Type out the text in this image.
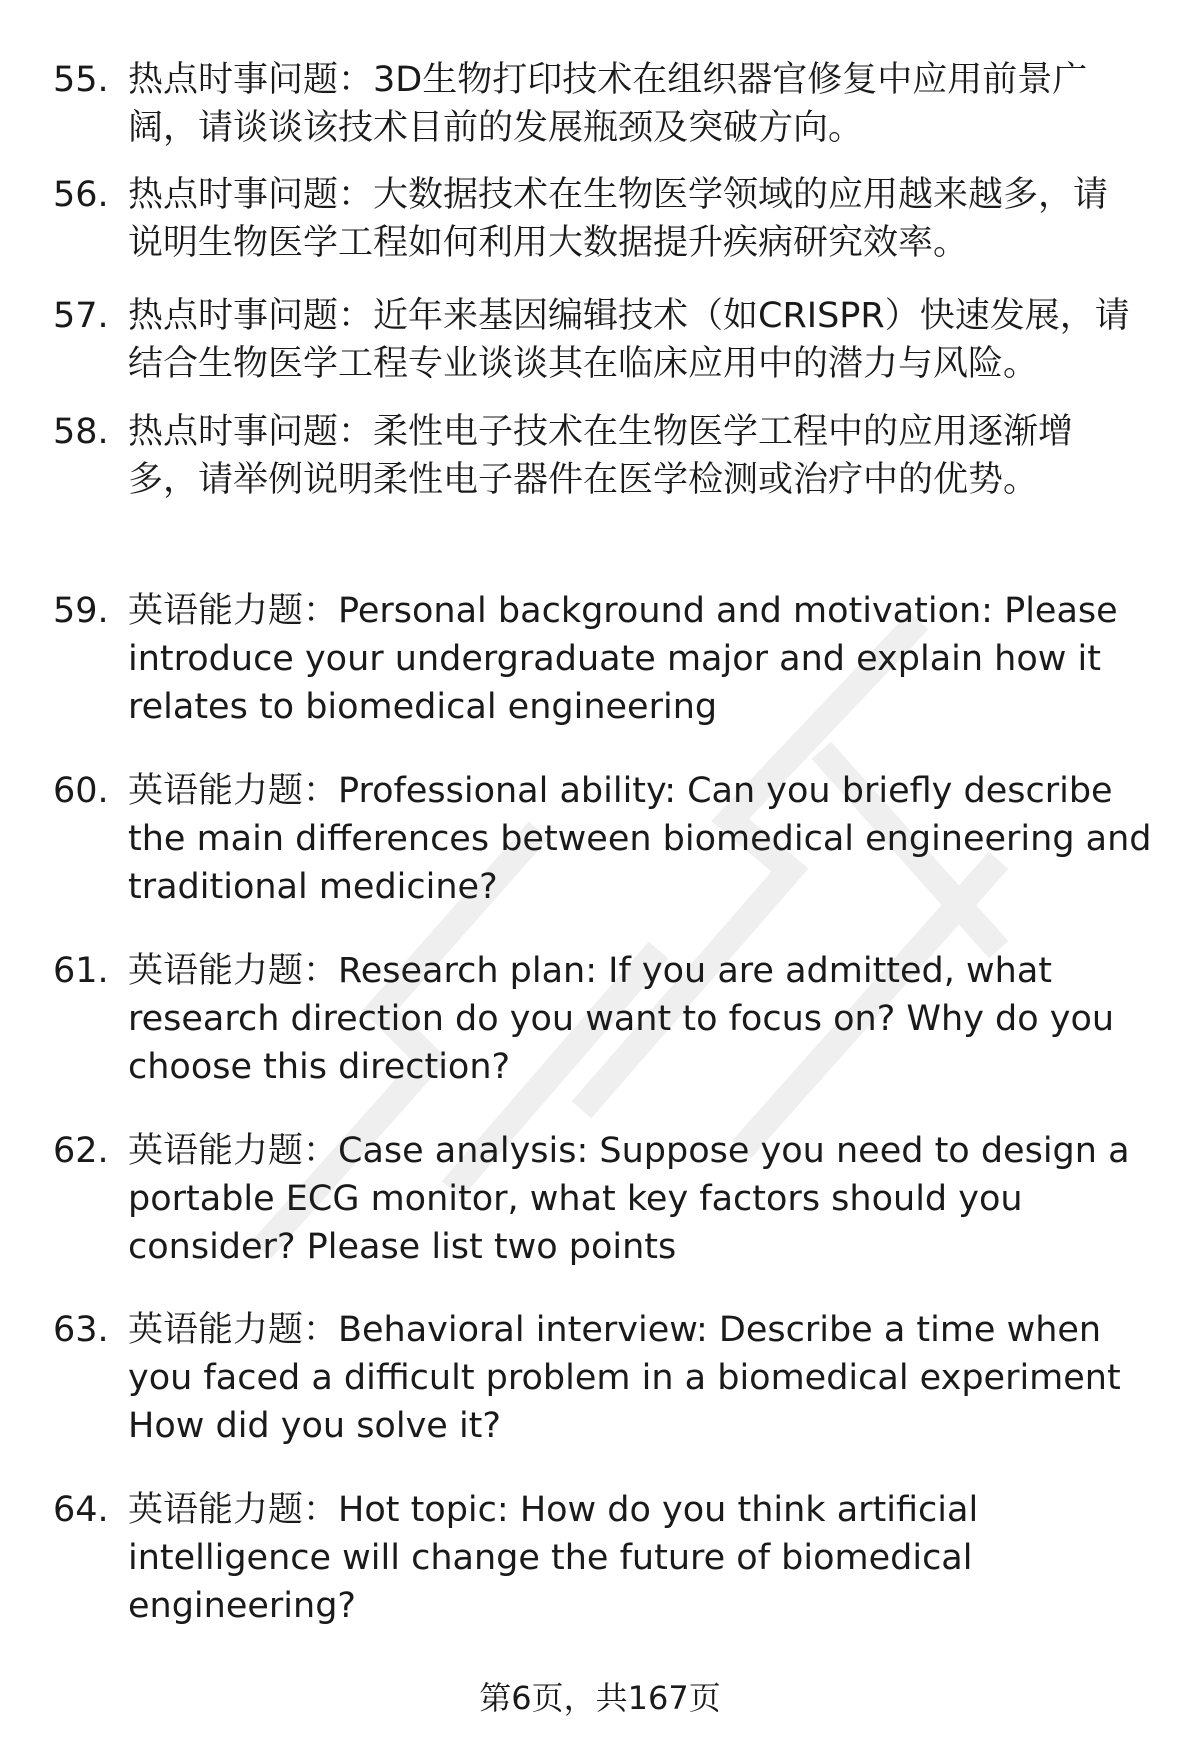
55. 热点时事问题：3D生物打印技术在组织器官修复中应用前景广
阔，请谈谈该技术目前的发展瓶颈及突破方向。
56. 热点时事问题：大数据技术在生物医学领域的应用越来越多，请
说明生物医学工程如何利用大数据提升疾病研究效率。
57. 热点时事问题：近年来基因编辑技术（如CRISPR）快速发展，请
结合生物医学工程专业谈谈其在临床应用中的潜力与风险。
58. 热点时事问题：柔性电子技术在生物医学工程中的应用逐渐增
多，请举例说明柔性电子器件在医学检测或治疗中的优势。
59. 英语能力题：Personal background and motivation: Please
introduce your undergraduate major and explain how it
relates to biomedical engineering
60. 英语能力题：Professional ability: Can you briefly describe
the main differences between biomedical engineering and
traditional medicine?
61. 英语能力题：Research plan: If you are admitted, what
research direction do you want to focus on? Why do you
choose this direction?
62. 英语能力题：Case analysis: Suppose you need to design a
portable ECG monitor, what key factors should you
consider? Please list two points
63. 英语能力题：Behavioral interview: Describe a time when
you faced a difficult problem in a biomedical experiment
How did you solve it?
64. 英语能力题：Hot topic: How do you think artificial
intelligence will change the future of biomedical
engineering?
第6页，共167页
